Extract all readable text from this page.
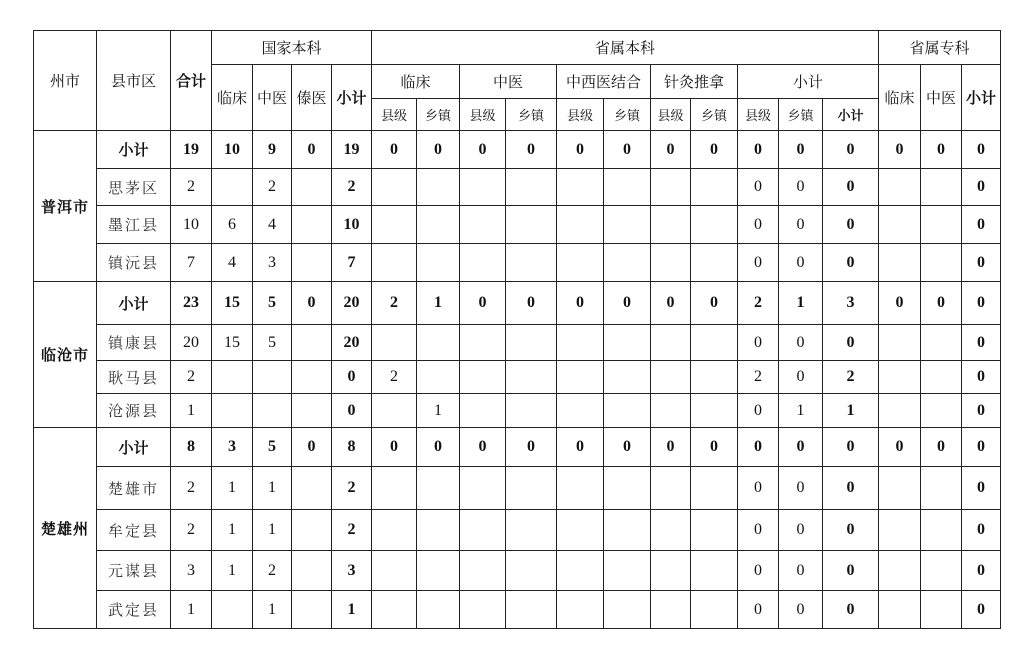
州市	县市区	合计	国家本科				省属本科											省属专科		
			临床	中医	傣医	小计	临床		中医		中西医结合		针灸推拿		小计			临床	中医	小计
							县级	乡镇	县级	乡镇	县级	乡镇	县级	乡镇	县级	乡镇	小计			
普洱市	小计	19	10	9	0	19	0	0	0	0	0	0	0	0	0	0	0	0	0	0
	思茅区	2		2		2									0	0	0			0
	墨江县	10	6	4		10									0	0	0			0
	镇沅县	7	4	3		7									0	0	0			0
临沧市	小计	23	15	5	0	20	2	1	0	0	0	0	0	0	2	1	3	0	0	0
	镇康县	20	15	5		20									0	0	0			0
	耿马县	2				0	2								2	0	2			0
	沧源县	1				0		1							0	1	1			0
楚雄州	小计	8	3	5	0	8	0	0	0	0	0	0	0	0	0	0	0	0	0	0
	楚雄市	2	1	1		2									0	0	0			0
	牟定县	2	1	1		2									0	0	0			0
	元谋县	3	1	2		3									0	0	0			0
	武定县	1		1		1									0	0	0			0
